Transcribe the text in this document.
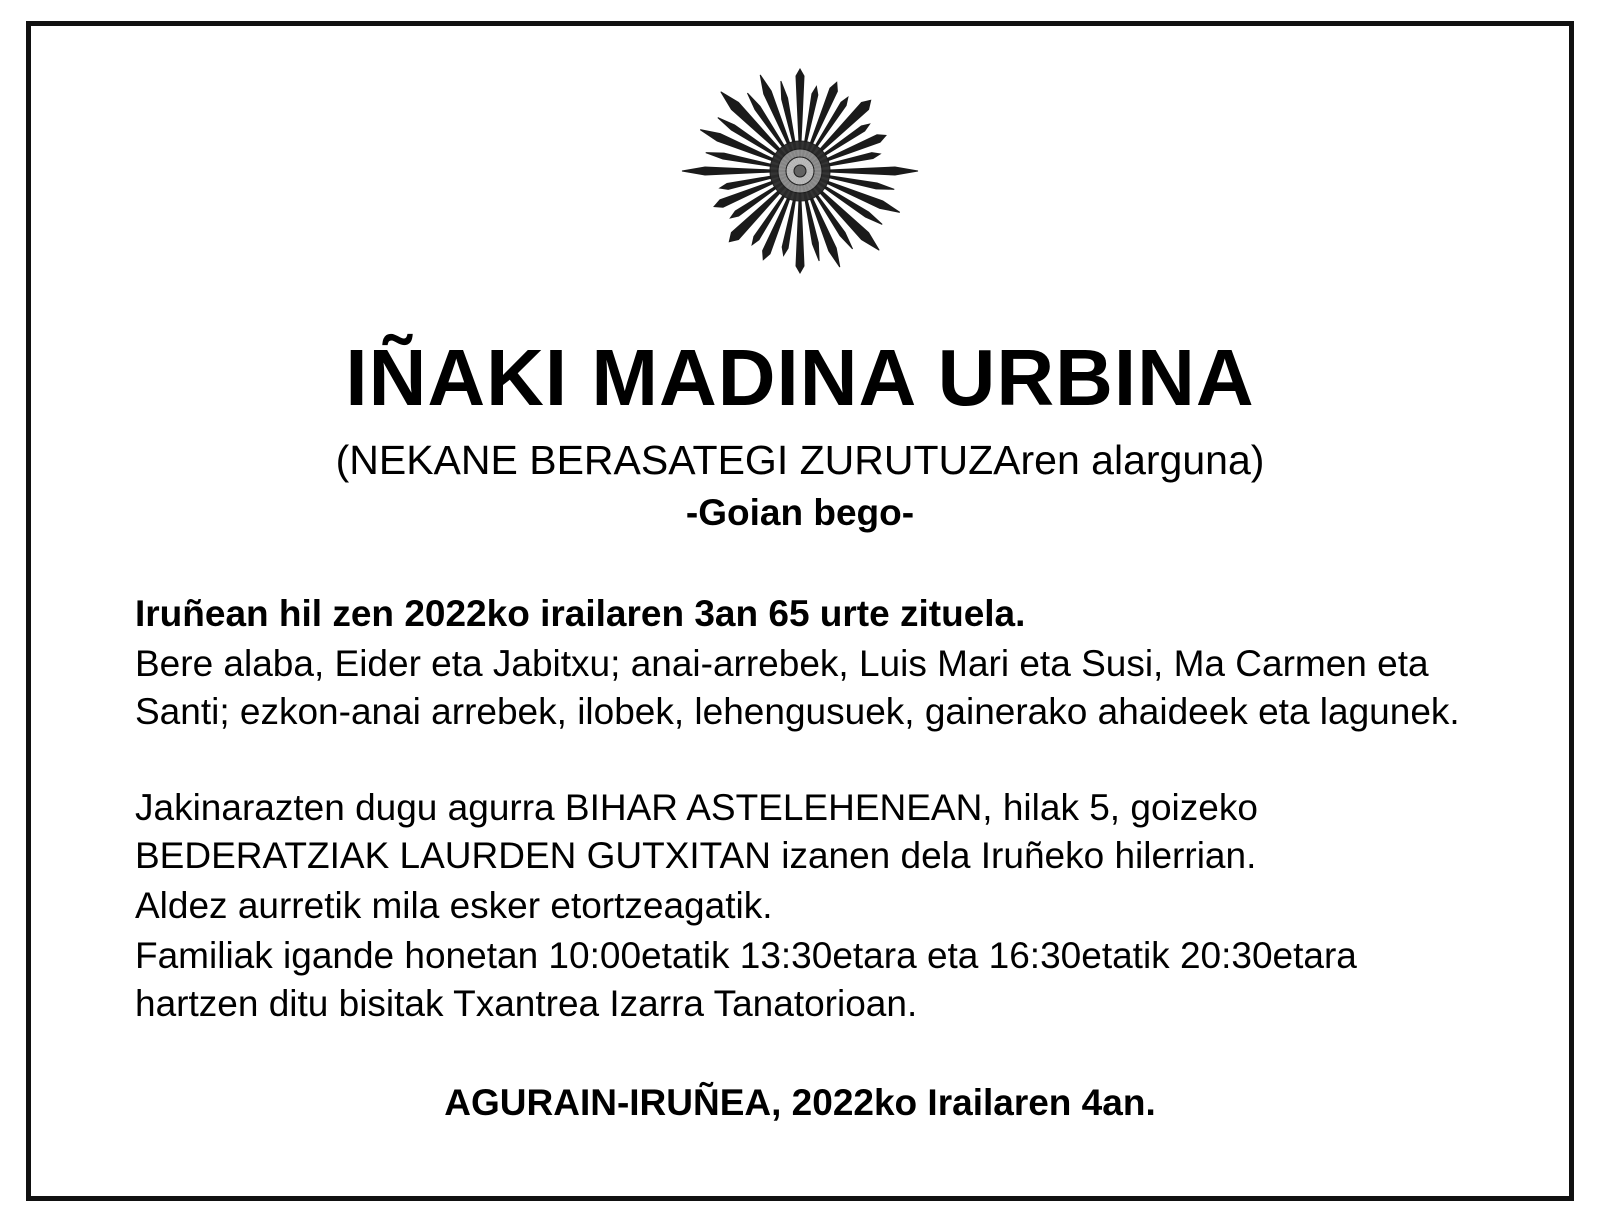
IÑAKI MADINA URBINA
(NEKANE BERASATEGI ZURUTUZAren alarguna)
-Goian bego-
Iruñean hil zen 2022ko irailaren 3an 65 urte zituela.
Bere alaba, Eider eta Jabitxu; anai-arrebek, Luis Mari eta Susi, Ma Carmen eta Santi; ezkon-anai arrebek, ilobek, lehengusuek, gainerako ahaideek eta lagunek.
Jakinarazten dugu agurra BIHAR ASTELEHENEAN, hilak 5, goizeko BEDERATZIAK LAURDEN GUTXITAN izanen dela Iruñeko hilerrian.
Aldez aurretik mila esker etortzeagatik.
Familiak igande honetan 10:00etatik 13:30etara eta 16:30etatik 20:30etara hartzen ditu bisitak Txantrea Izarra Tanatorioan.
AGURAIN-IRUÑEA, 2022ko Irailaren 4an.
